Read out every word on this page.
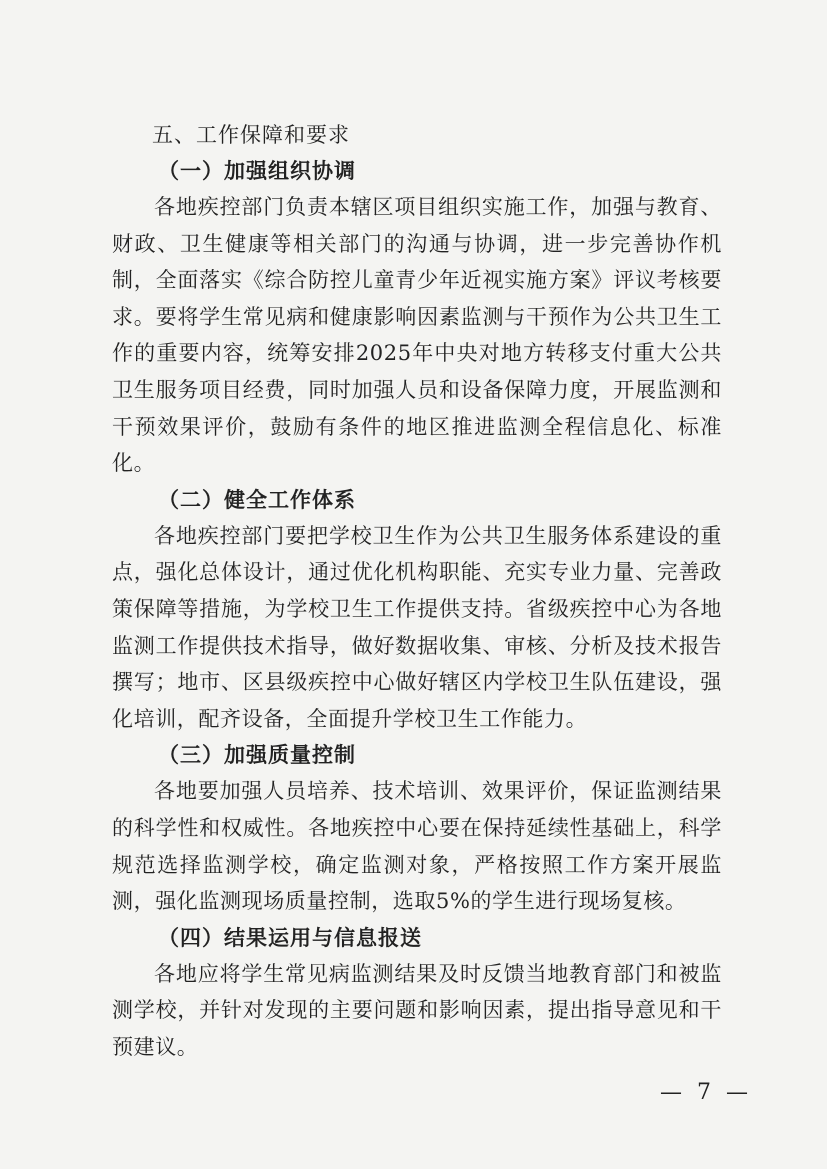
五、工作保障和要求
（一）加强组织协调

各地疾控部门负责本辖区项目组织实施工作，加强与教育、财政、卫生健康等相关部门的沟通与协调，进一步完善协作机制，全面落实《综合防控儿童青少年近视实施方案》评议考核要求。要将学生常见病和健康影响因素监测与干预作为公共卫生工作的重要内容，统筹安排2025年中央对地方转移支付重大公共卫生服务项目经费，同时加强人员和设备保障力度，开展监测和干预效果评价，鼓励有条件的地区推进监测全程信息化、标准化。

（二）健全工作体系

各地疾控部门要把学校卫生作为公共卫生服务体系建设的重点，强化总体设计，通过优化机构职能、充实专业力量、完善政策保障等措施，为学校卫生工作提供支持。省级疾控中心为各地监测工作提供技术指导，做好数据收集、审核、分析及技术报告撰写；地市、区县级疾控中心做好辖区内学校卫生队伍建设，强化培训，配齐设备，全面提升学校卫生工作能力。

（三）加强质量控制

各地要加强人员培养、技术培训、效果评价，保证监测结果的科学性和权威性。各地疾控中心要在保持延续性基础上，科学规范选择监测学校，确定监测对象，严格按照工作方案开展监测，强化监测现场质量控制，选取5%的学生进行现场复核。

（四）结果运用与信息报送

各地应将学生常见病监测结果及时反馈当地教育部门和被监测学校，并针对发现的主要问题和影响因素，提出指导意见和干预建议。

— 7 —
